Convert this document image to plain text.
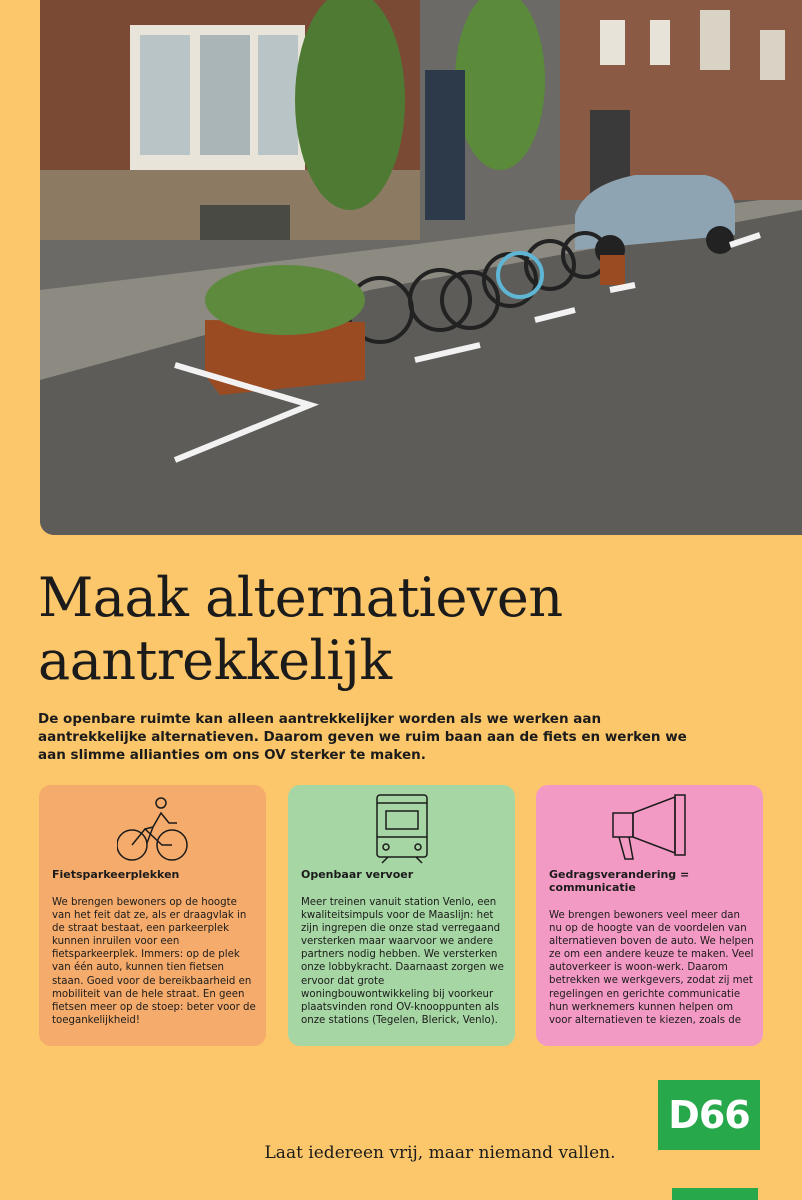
Maak alternatieven aantrekkelijk

De openbare ruimte kan alleen aantrekkelijker worden als we werken aan aantrekkelijke alternatieven. Daarom geven we ruim baan aan de fiets en werken we aan slimme allianties om ons OV sterker te maken.

Fietsparkeerplekken

We brengen bewoners op de hoogte van het feit dat ze, als er draagvlak in de straat bestaat, een parkeerplek kunnen inruilen voor een fietsparkeerplek. Immers: op de plek van één auto, kunnen tien fietsen staan. Goed voor de bereikbaarheid en mobiliteit van de hele straat. En geen fietsen meer op de stoep: beter voor de toegankelijkheid!

Openbaar vervoer

Meer treinen vanuit station Venlo, een kwaliteitsimpuls voor de Maaslijn: het zijn ingrepen die onze stad verregaand versterken maar waarvoor we andere partners nodig hebben. We versterken onze lobbykracht. Daarnaast zorgen we ervoor dat grote woningbouwontwikkeling bij voorkeur plaatsvinden rond OV-knooppunten als onze stations (Tegelen, Blerick, Venlo).

Gedragsverandering = communicatie

We brengen bewoners veel meer dan nu op de hoogte van de voordelen van alternatieven boven de auto. We helpen ze om een andere keuze te maken. Veel autoverkeer is woon-werk. Daarom betrekken we werkgevers, zodat zij met regelingen en gerichte communicatie hun werknemers kunnen helpen om voor alternatieven te kiezen, zoals de

D66
Laat iedereen vrij, maar niemand vallen.
